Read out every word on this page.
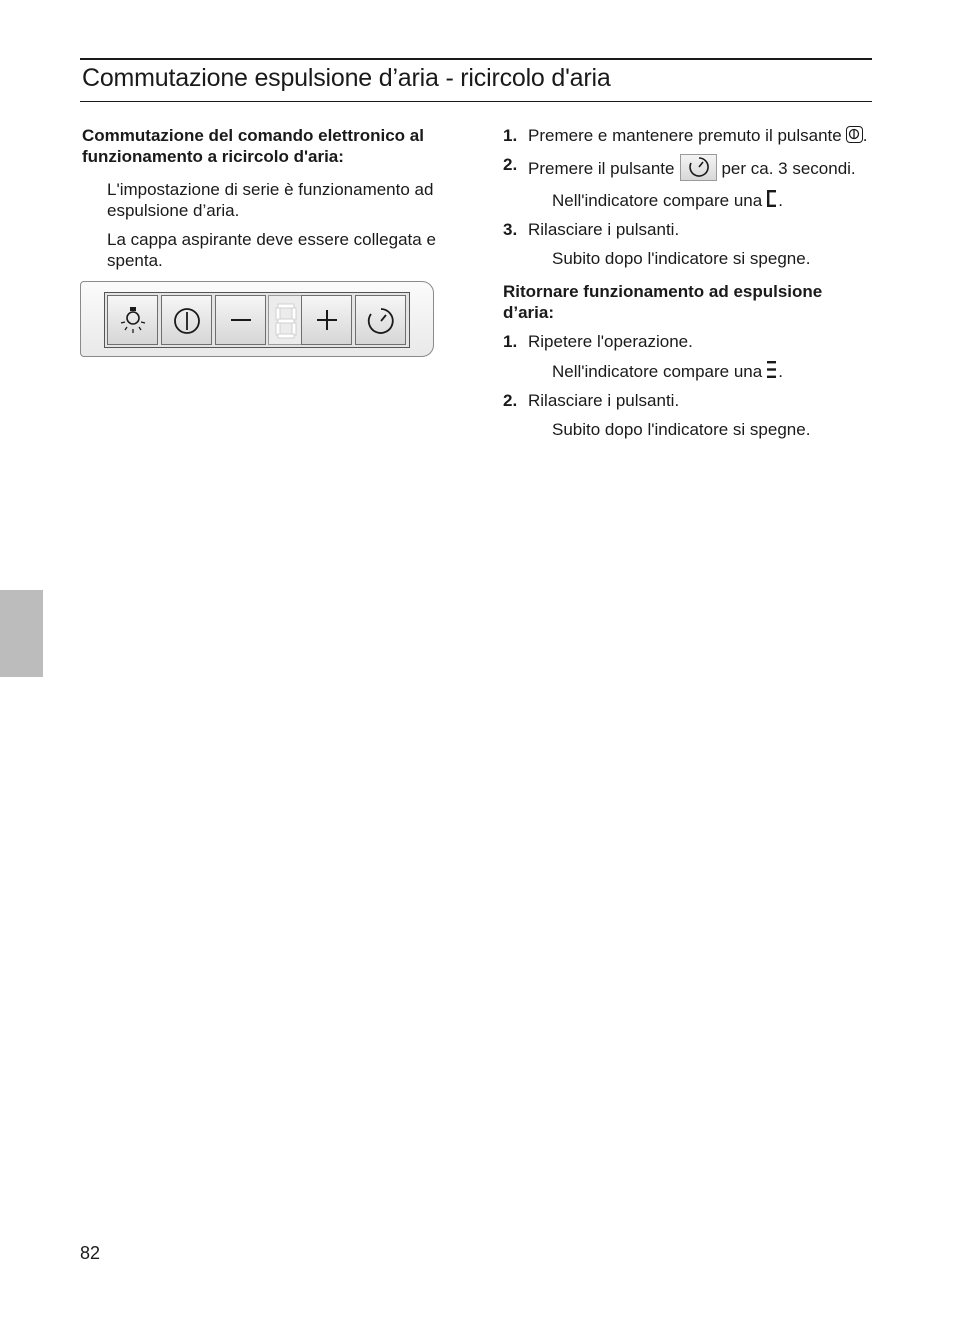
Commutazione espulsione d’aria - ricircolo d'aria

Commutazione del comando elettronico al funzionamento a ricircolo d'aria:

L'impostazione di serie è funzionamento ad espulsione d’aria.

La cappa aspirante deve essere collegata e spenta.

1. Premere e mantenere premuto il pulsante .
2. Premere il pulsante	per ca. 3 secondi.
Nell'indicatore compare una .
3. Rilasciare i pulsanti.
Subito dopo l'indicatore si spegne.

Ritornare funzionamento ad espulsione d’aria:

1. Ripetere l'operazione.
Nell'indicatore compare una .
2. Rilasciare i pulsanti.
Subito dopo l'indicatore si spegne.
82
